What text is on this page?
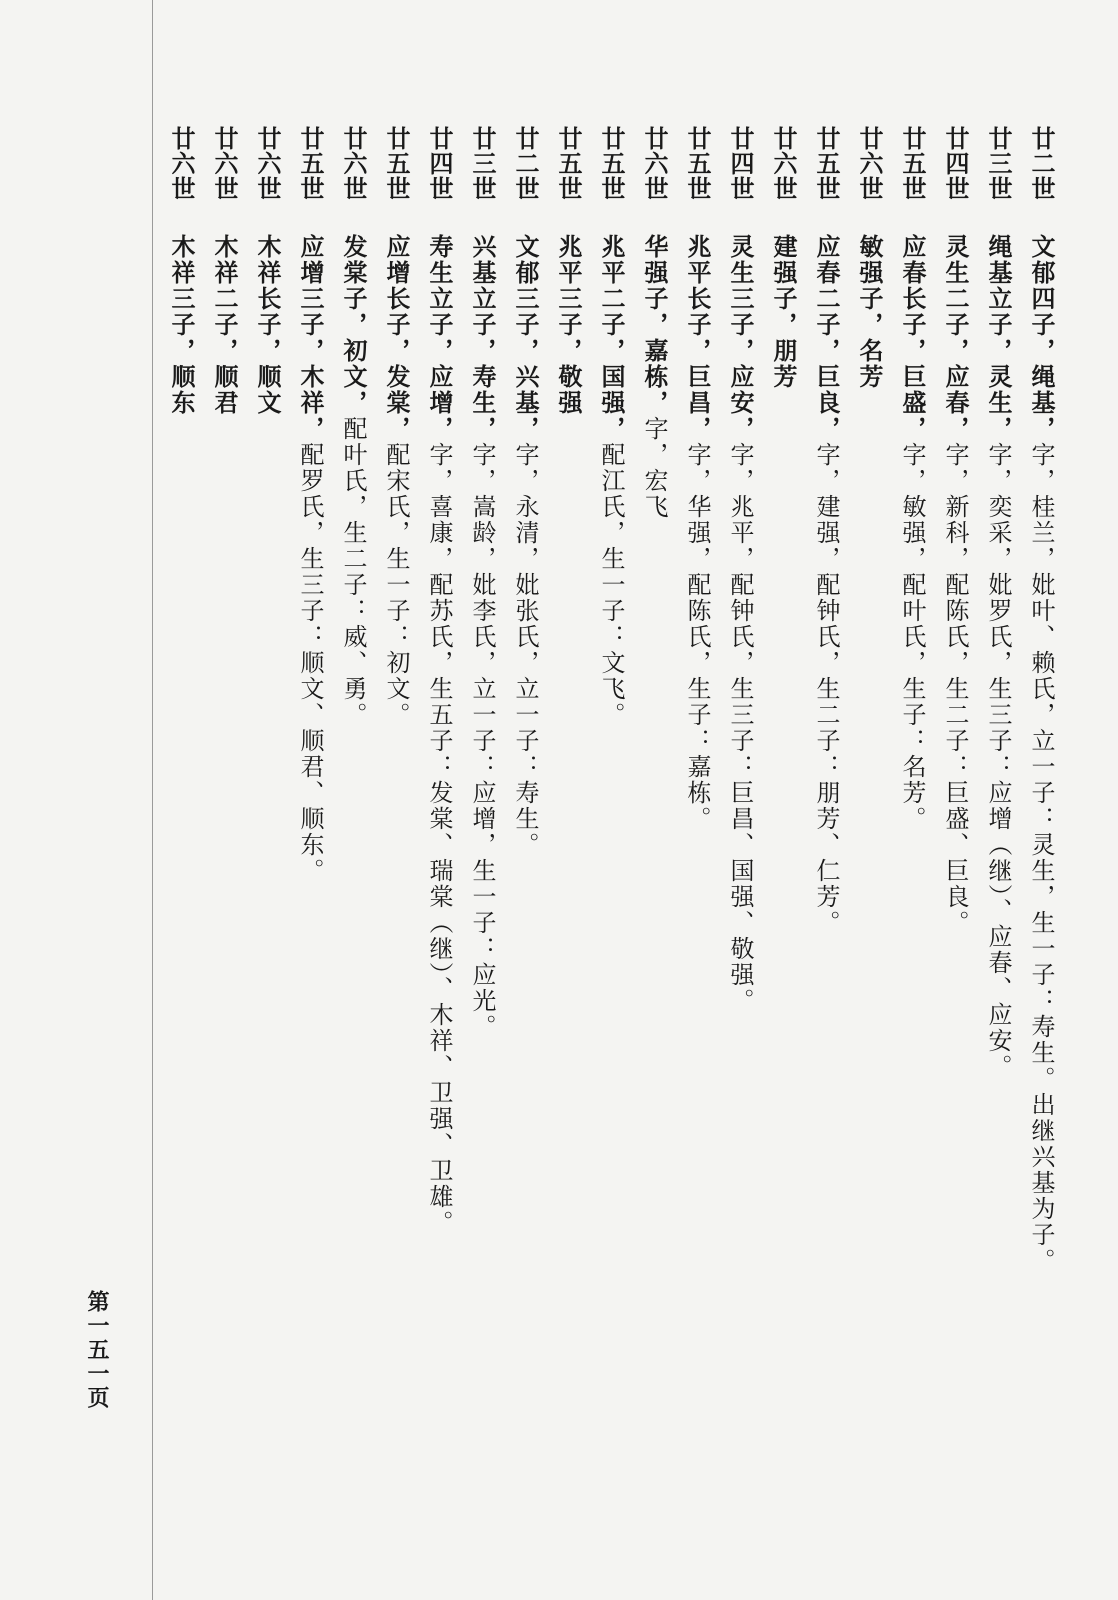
廿二世
文郁四子，绳基，字，桂兰，妣叶、赖氏，立一子：灵生，生一子：寿生。出继兴基为子。
廿三世
绳基立子，灵生，字，奕采，妣罗氏，生三子：应增（继）、应春、应安。
廿四世
灵生二子，应春，字，新科，配陈氏，生二子：巨盛、巨良。
廿五世
应春长子，巨盛，字，敏强，配叶氏，生子：名芳。
廿六世
敏强子，名芳
廿五世
应春二子，巨良，字，建强，配钟氏，生二子：朋芳、仁芳。
廿六世
建强子，朋芳
廿四世
灵生三子，应安，字，兆平，配钟氏，生三子：巨昌、国强、敬强。
廿五世
兆平长子，巨昌，字，华强，配陈氏，生子：嘉栋。
廿六世
华强子，嘉栋，字，宏飞
廿五世
兆平二子，国强，配江氏，生一子：文飞。
廿五世
兆平三子，敬强
廿二世
文郁三子，兴基，字，永清，妣张氏，立一子：寿生。
廿三世
兴基立子，寿生，字，嵩龄，妣李氏，立一子：应增，生一子：应光。
廿四世
寿生立子，应增，字，喜康，配苏氏，生五子：发棠、瑞棠（继）、木祥、卫强、卫雄。
廿五世
应增长子，发棠，配宋氏，生一子：初文。
廿六世
发棠子，初文，配叶氏，生二子：威、勇。
廿五世
应增三子，木祥，配罗氏，生三子：顺文、顺君、顺东。
廿六世
木祥长子，顺文
廿六世
木祥二子，顺君
廿六世
木祥三子，顺东
第一五一页
